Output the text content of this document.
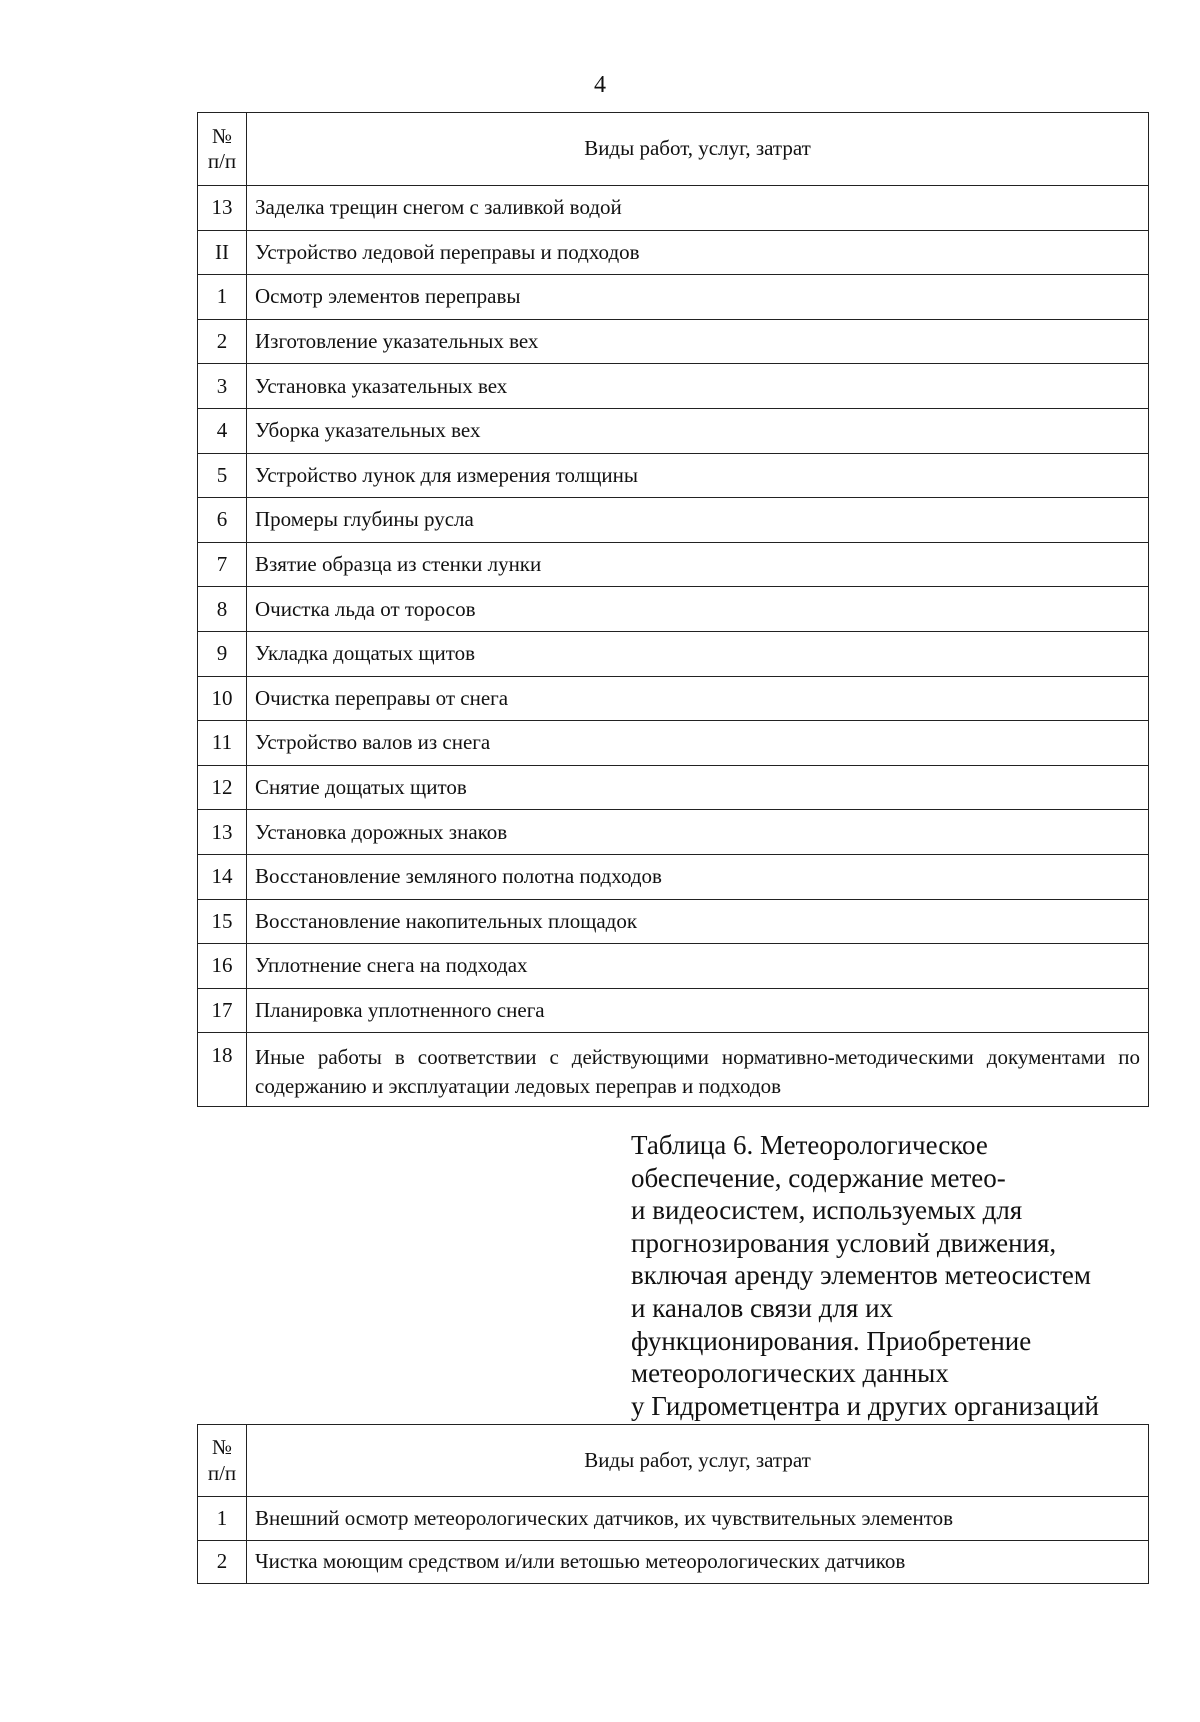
4
№ п/п	Виды работ, услуг, затрат
13	Заделка трещин снегом с заливкой водой
II	Устройство ледовой переправы и подходов
1	Осмотр элементов переправы
2	Изготовление указательных вех
3	Установка указательных вех
4	Уборка указательных вех
5	Устройство лунок для измерения толщины
6	Промеры глубины русла
7	Взятие образца из стенки лунки
8	Очистка льда от торосов
9	Укладка дощатых щитов
10	Очистка переправы от снега
11	Устройство валов из снега
12	Снятие дощатых щитов
13	Установка дорожных знаков
14	Восстановление земляного полотна подходов
15	Восстановление накопительных площадок
16	Уплотнение снега на подходах
17	Планировка уплотненного снега
18	Иные работы в соответствии с действующими нормативно-методическими документами по содержанию и эксплуатации ледовых переправ и подходов
Таблица 6. Метеорологическое
обеспечение, содержание метео-
и видеосистем, используемых для
прогнозирования условий движения,
включая аренду элементов метеосистем
и каналов связи для их
функционирования. Приобретение
метеорологических данных
у Гидрометцентра и других организаций
№ п/п	Виды работ, услуг, затрат
1	Внешний осмотр метеорологических датчиков, их чувствительных элементов
2	Чистка моющим средством и/или ветошью метеорологических датчиков
